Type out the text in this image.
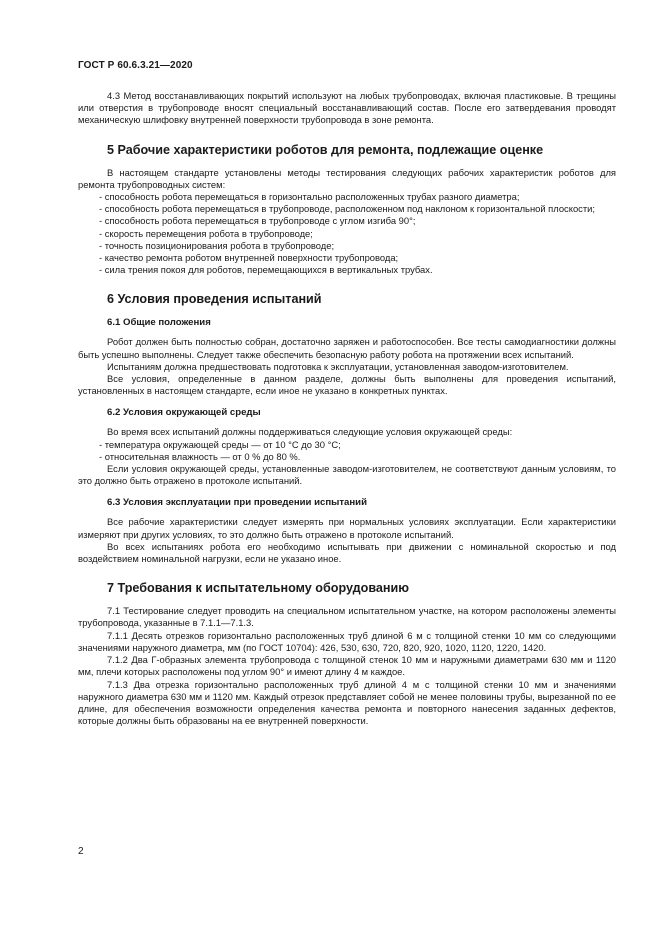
ГОСТ Р 60.6.3.21—2020

4.3 Метод восстанавливающих покрытий используют на любых трубопроводах, включая пластиковые. В трещины или отверстия в трубопроводе вносят специальный восстанавливающий состав. После его затвердевания проводят механическую шлифовку внутренней поверхности трубопровода в зоне ремонта.

5 Рабочие характеристики роботов для ремонта, подлежащие оценке

В настоящем стандарте установлены методы тестирования следующих рабочих характеристик роботов для ремонта трубопроводных систем:

- способность робота перемещаться в горизонтально расположенных трубах разного диаметра;

- способность робота перемещаться в трубопроводе, расположенном под наклоном к горизонтальной плоскости;

- способность робота перемещаться в трубопроводе с углом изгиба 90°;

- скорость перемещения робота в трубопроводе;

- точность позиционирования робота в трубопроводе;

- качество ремонта роботом внутренней поверхности трубопровода;

- сила трения покоя для роботов, перемещающихся в вертикальных трубах.

6 Условия проведения испытаний
6.1 Общие положения

Робот должен быть полностью собран, достаточно заряжен и работоспособен. Все тесты самодиагностики должны быть успешно выполнены. Следует также обеспечить безопасную работу робота на протяжении всех испытаний.

Испытаниям должна предшествовать подготовка к эксплуатации, установленная заводом-изготовителем.

Все условия, определенные в данном разделе, должны быть выполнены для проведения испытаний, установленных в настоящем стандарте, если иное не указано в конкретных пунктах.

6.2 Условия окружающей среды

Во время всех испытаний должны поддерживаться следующие условия окружающей среды:

- температура окружающей среды — от 10 °С до 30 °С;

- относительная влажность — от 0 % до 80 %.

Если условия окружающей среды, установленные заводом-изготовителем, не соответствуют данным условиям, то это должно быть отражено в протоколе испытаний.

6.3 Условия эксплуатации при проведении испытаний

Все рабочие характеристики следует измерять при нормальных условиях эксплуатации. Если характеристики измеряют при других условиях, то это должно быть отражено в протоколе испытаний.

Во всех испытаниях робота его необходимо испытывать при движении с номинальной скоростью и под воздействием номинальной нагрузки, если не указано иное.

7 Требования к испытательному оборудованию

7.1 Тестирование следует проводить на специальном испытательном участке, на котором расположены элементы трубопровода, указанные в 7.1.1—7.1.3.

7.1.1 Десять отрезков горизонтально расположенных труб длиной 6 м с толщиной стенки 10 мм со следующими значениями наружного диаметра, мм (по ГОСТ 10704): 426, 530, 630, 720, 820, 920, 1020, 1120, 1220, 1420.

7.1.2 Два Г-образных элемента трубопровода с толщиной стенок 10 мм и наружными диаметрами 630 мм и 1120 мм, плечи которых расположены под углом 90° и имеют длину 4 м каждое.

7.1.3 Два отрезка горизонтально расположенных труб длиной 4 м с толщиной стенки 10 мм и значениями наружного диаметра 630 мм и 1120 мм. Каждый отрезок представляет собой не менее половины трубы, вырезанной по ее длине, для обеспечения возможности определения качества ремонта и повторного нанесения заданных дефектов, которые должны быть образованы на ее внутренней поверхности.

2
